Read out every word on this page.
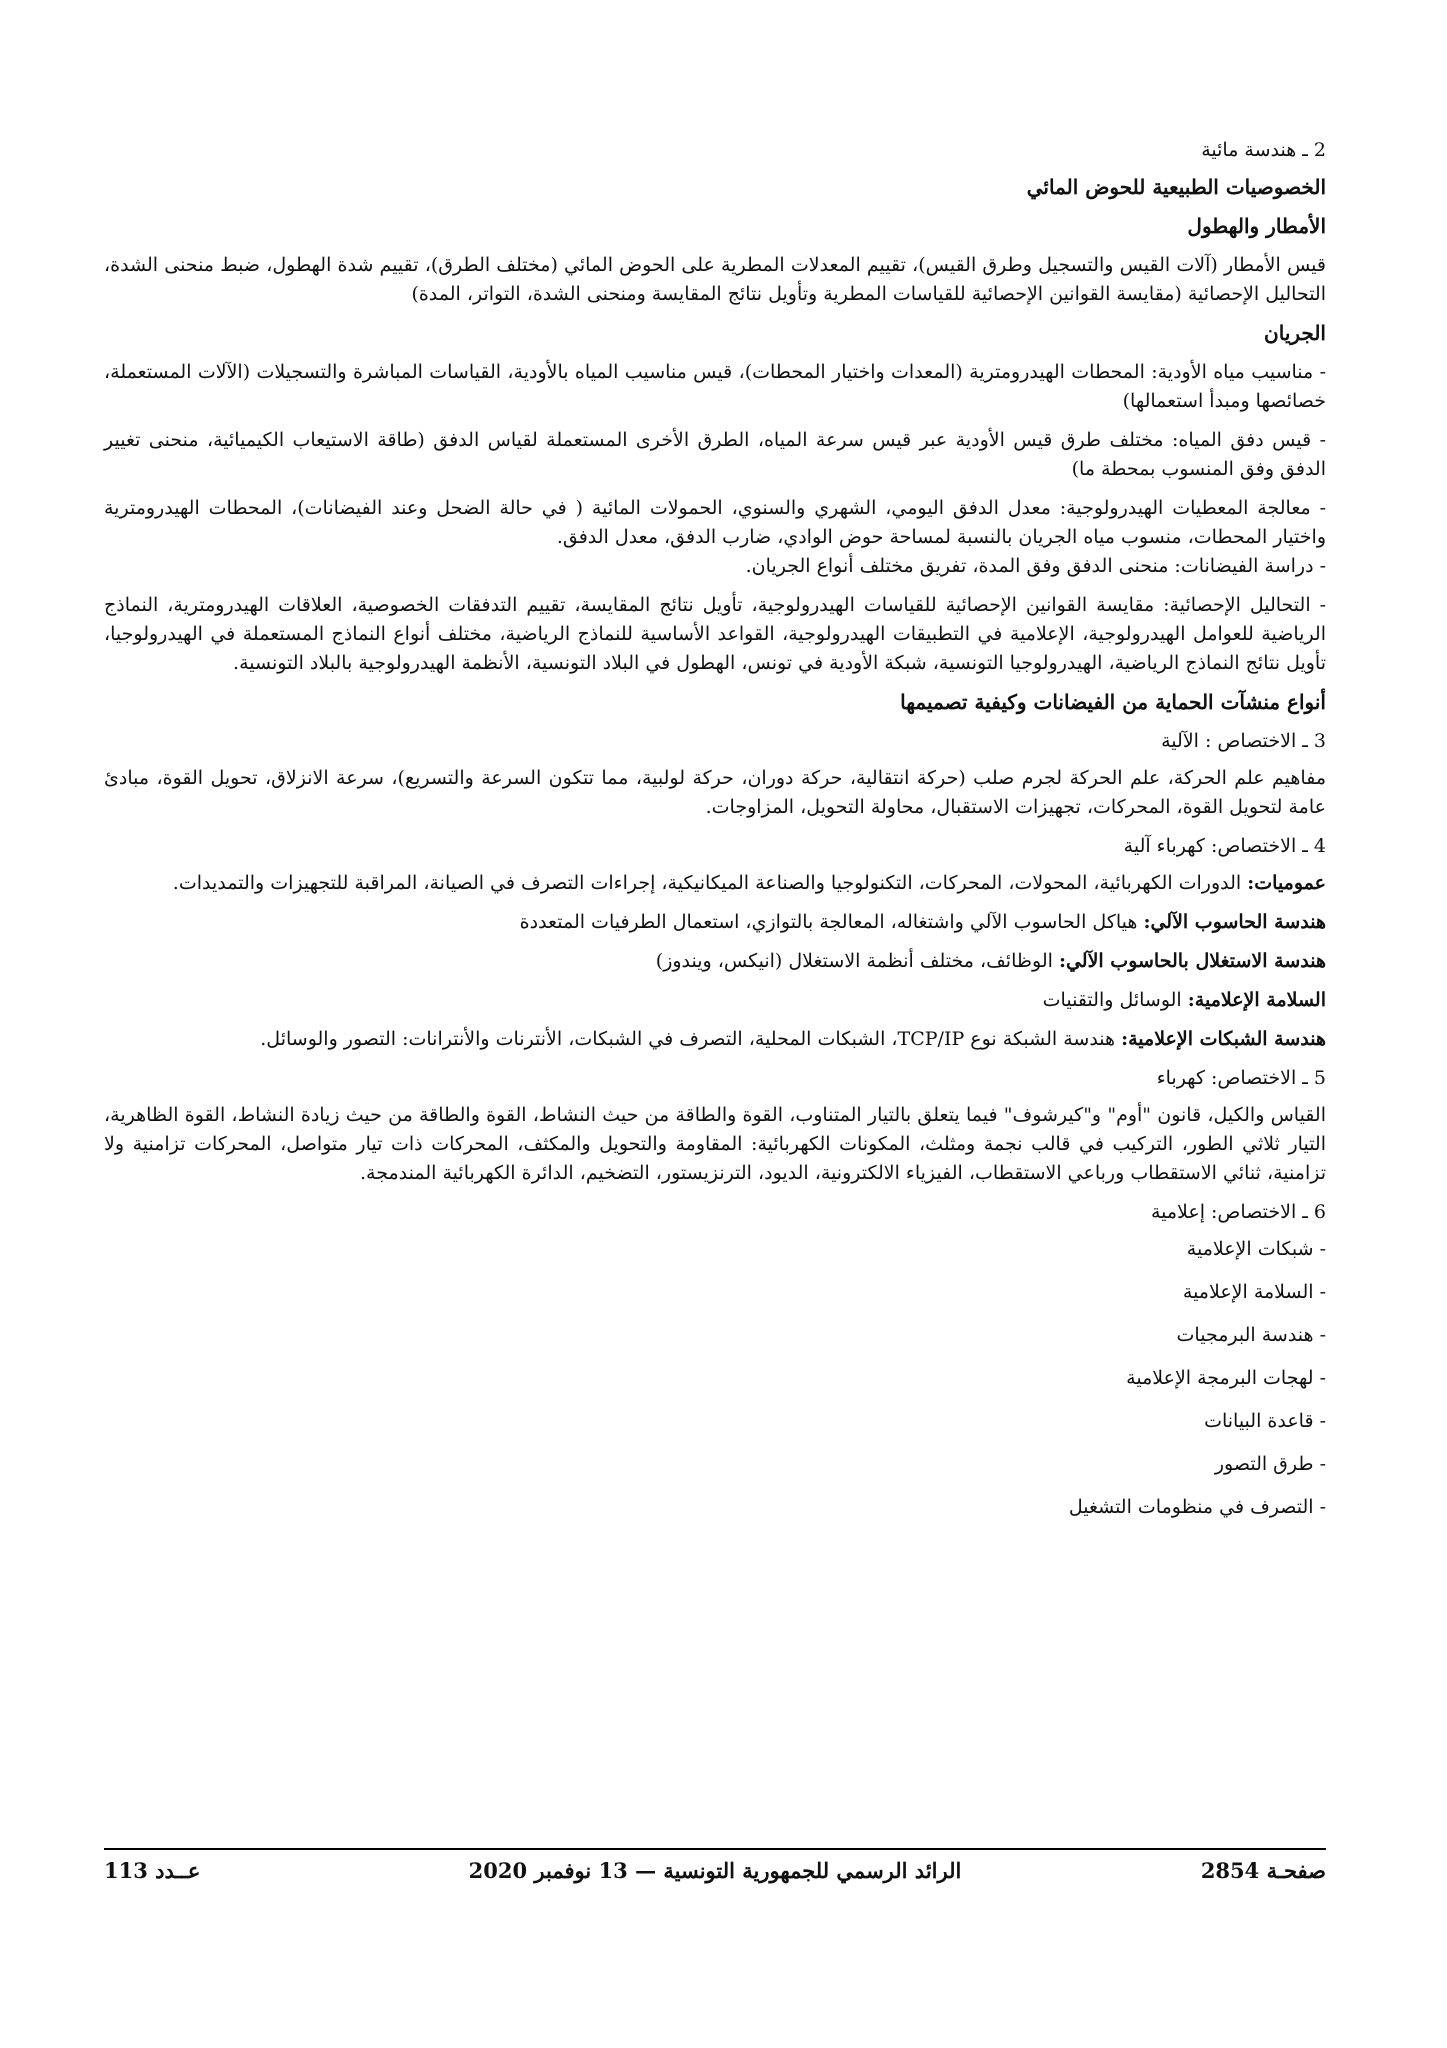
2 ـ هندسة مائية
الخصوصيات الطبيعية للحوض المائي
الأمطار والهطول

قيس الأمطار (آلات القيس والتسجيل وطرق القيس)، تقييم المعدلات المطرية على الحوض المائي (مختلف الطرق)، تقييم شدة الهطول، ضبط منحنى الشدة، التحاليل الإحصائية (مقايسة القوانين الإحصائية للقياسات المطرية وتأويل نتائج المقايسة ومنحنى الشدة، التواتر، المدة)

الجريان

- مناسيب مياه الأودية: المحطات الهيدرومترية (المعدات واختيار المحطات)، قيس مناسيب المياه بالأودية، القياسات المباشرة والتسجيلات (الآلات المستعملة، خصائصها ومبدأ استعمالها)

- قيس دفق المياه: مختلف طرق قيس الأودية عبر قيس سرعة المياه، الطرق الأخرى المستعملة لقياس الدفق (طاقة الاستيعاب الكيميائية، منحنى تغيير الدفق وفق المنسوب بمحطة ما)

- معالجة المعطيات الهيدرولوجية: معدل الدفق اليومي، الشهري والسنوي، الحمولات المائية ( في حالة الضحل وعند الفيضانات)، المحطات الهيدرومترية واختيار المحطات، منسوب مياه الجريان بالنسبة لمساحة حوض الوادي، ضارب الدفق، معدل الدفق.

- دراسة الفيضانات: منحنى الدفق وفق المدة، تفريق مختلف أنواع الجريان.

- التحاليل الإحصائية: مقايسة القوانين الإحصائية للقياسات الهيدرولوجية، تأويل نتائج المقايسة، تقييم التدفقات الخصوصية، العلاقات الهيدرومترية، النماذج الرياضية للعوامل الهيدرولوجية، الإعلامية في التطبيقات الهيدرولوجية، القواعد الأساسية للنماذج الرياضية، مختلف أنواع النماذج المستعملة في الهيدرولوجيا، تأويل نتائج النماذج الرياضية، الهيدرولوجيا التونسية، شبكة الأودية في تونس، الهطول في البلاد التونسية، الأنظمة الهيدرولوجية بالبلاد التونسية.

أنواع منشآت الحماية من الفيضانات وكيفية تصميمها
3 ـ الاختصاص : الآلية

مفاهيم علم الحركة، علم الحركة لجرم صلب (حركة انتقالية، حركة دوران، حركة لولبية، مما تتكون السرعة والتسريع)، سرعة الانزلاق، تحويل القوة، مبادئ عامة لتحويل القوة، المحركات، تجهيزات الاستقبال، محاولة التحويل، المزاوجات.

4 ـ الاختصاص: كهرباء آلية

عموميات: الدورات الكهربائية، المحولات، المحركات، التكنولوجيا والصناعة الميكانيكية، إجراءات التصرف في الصيانة، المراقبة للتجهيزات والتمديدات.

هندسة الحاسوب الآلي: هياكل الحاسوب الآلي واشتغاله، المعالجة بالتوازي، استعمال الطرفيات المتعددة

هندسة الاستغلال بالحاسوب الآلي: الوظائف، مختلف أنظمة الاستغلال (انيكس، ويندوز)

السلامة الإعلامية: الوسائل والتقنيات

هندسة الشبكات الإعلامية: هندسة الشبكة نوع TCP/IP، الشبكات المحلية، التصرف في الشبكات، الأنترنات والأنترانات: التصور والوسائل.

5 ـ الاختصاص: كهرباء

القياس والكيل، قانون "أوم" و"كيرشوف" فيما يتعلق بالتيار المتناوب، القوة والطاقة من حيث النشاط، القوة والطاقة من حيث زيادة النشاط، القوة الظاهرية، التيار ثلاثي الطور، التركيب في قالب نجمة ومثلث، المكونات الكهربائية: المقاومة والتحويل والمكثف، المحركات ذات تيار متواصل، المحركات تزامنية ولا تزامنية، ثنائي الاستقطاب ورباعي الاستقطاب، الفيزياء الالكترونية، الديود، الترنزيستور، التضخيم، الدائرة الكهربائية المندمجة.

6 ـ الاختصاص: إعلامية
- شبكات الإعلامية
- السلامة الإعلامية
- هندسة البرمجيات
- لهجات البرمجة الإعلامية
- قاعدة البيانات
- طرق التصور
- التصرف في منظومات التشغيل
صفحـة 2854
الرائد الرسمي للجمهورية التونسية — 13 نوفمبر 2020
عــدد 113
